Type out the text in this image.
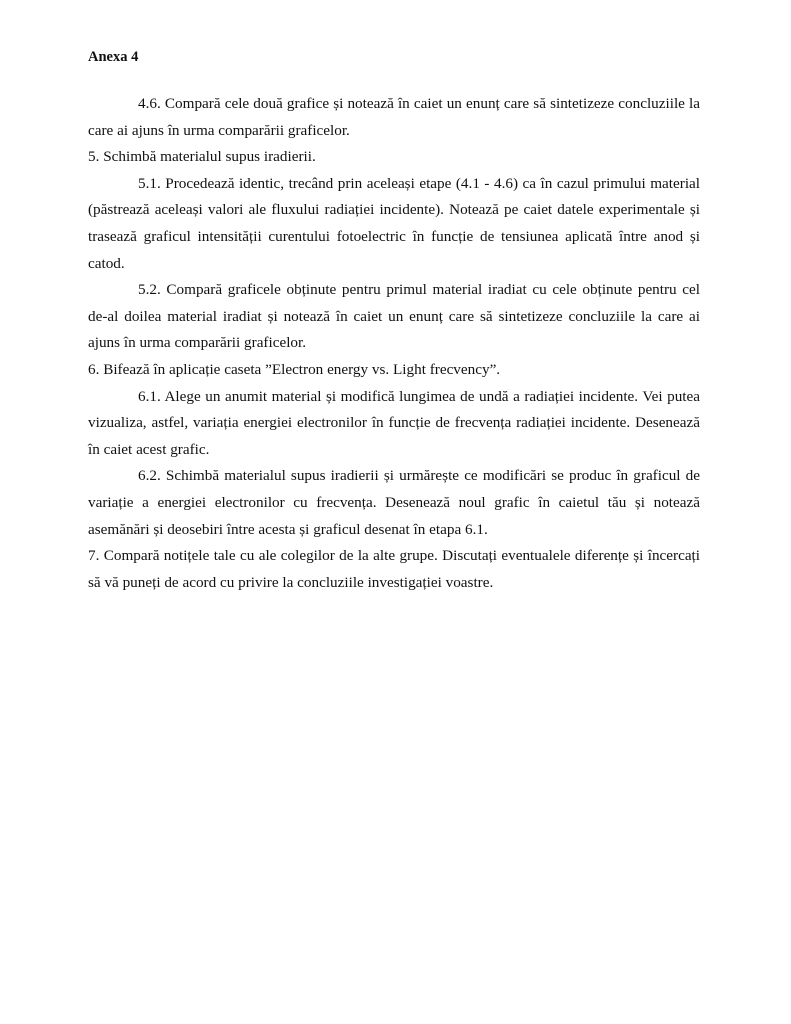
Anexa 4

4.6. Compară cele două grafice și notează în caiet un enunț care să sintetizeze concluziile la care ai ajuns în urma comparării graficelor.

5. Schimbă materialul supus iradierii.

5.1. Procedează identic, trecând prin aceleași etape (4.1 - 4.6) ca în cazul primului material (păstrează aceleași valori ale fluxului radiației incidente). Notează pe caiet datele experimentale și trasează graficul intensității curentului fotoelectric în funcție de tensiunea aplicată între anod și catod.

5.2. Compară graficele obținute pentru primul material iradiat cu cele obținute pentru cel de-al doilea material iradiat și notează în caiet un enunț care să sintetizeze concluziile la care ai ajuns în urma comparării graficelor.

6. Bifează în aplicație caseta ”Electron energy vs. Light frecvency”.

6.1. Alege un anumit material și modifică lungimea de undă a radiației incidente. Vei putea vizualiza, astfel, variația energiei electronilor în funcție de frecvența radiației incidente. Desenează în caiet acest grafic.

6.2. Schimbă materialul supus iradierii și urmărește ce modificări se produc în graficul de variație a energiei electronilor cu frecvența. Desenează noul grafic în caietul tău și notează asemănări și deosebiri între acesta și graficul desenat în etapa 6.1.

7. Compară notițele tale cu ale colegilor de la alte grupe. Discutați eventualele diferențe și încercați să vă puneți de acord cu privire la concluziile investigației voastre.
